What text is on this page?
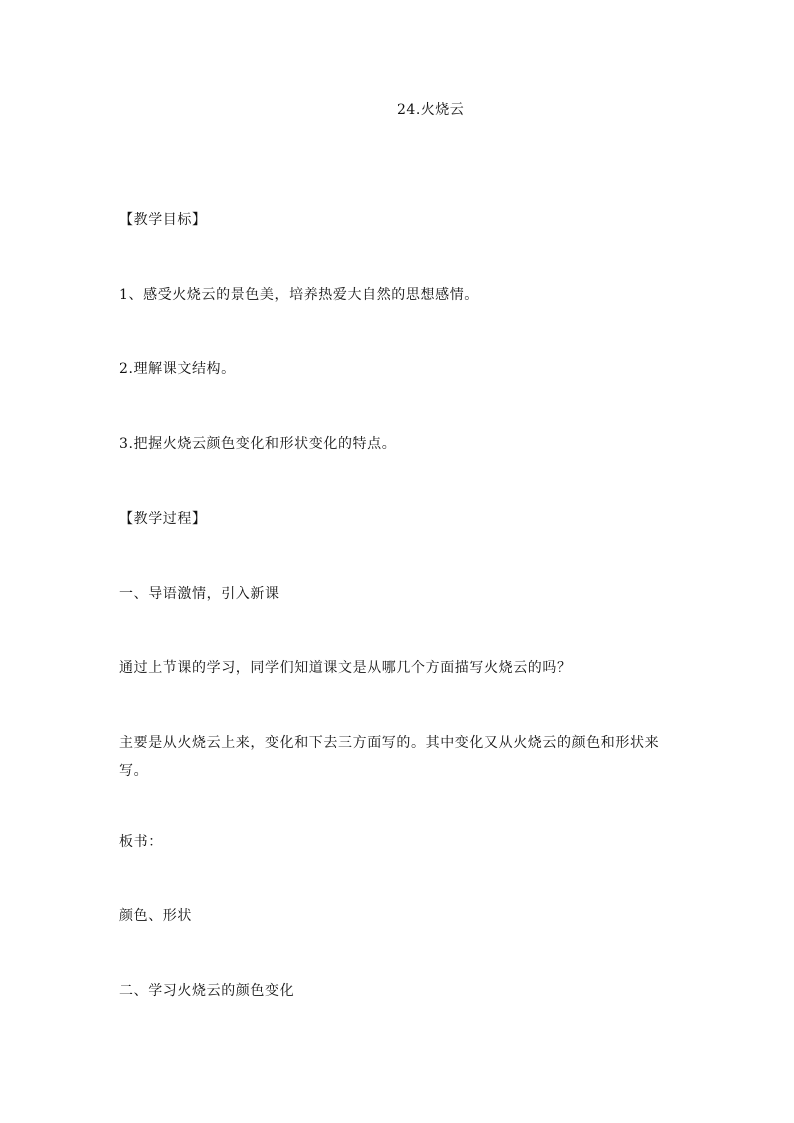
24.火烧云
【教学目标】
1、感受火烧云的景色美，培养热爱大自然的思想感情。
2.理解课文结构。
3.把握火烧云颜色变化和形状变化的特点。
【教学过程】
一、导语激情，引入新课
通过上节课的学习，同学们知道课文是从哪几个方面描写火烧云的吗？
主要是从火烧云上来，变化和下去三方面写的。其中变化又从火烧云的颜色和形状来写。
板书：
颜色、形状
二、学习火烧云的颜色变化
